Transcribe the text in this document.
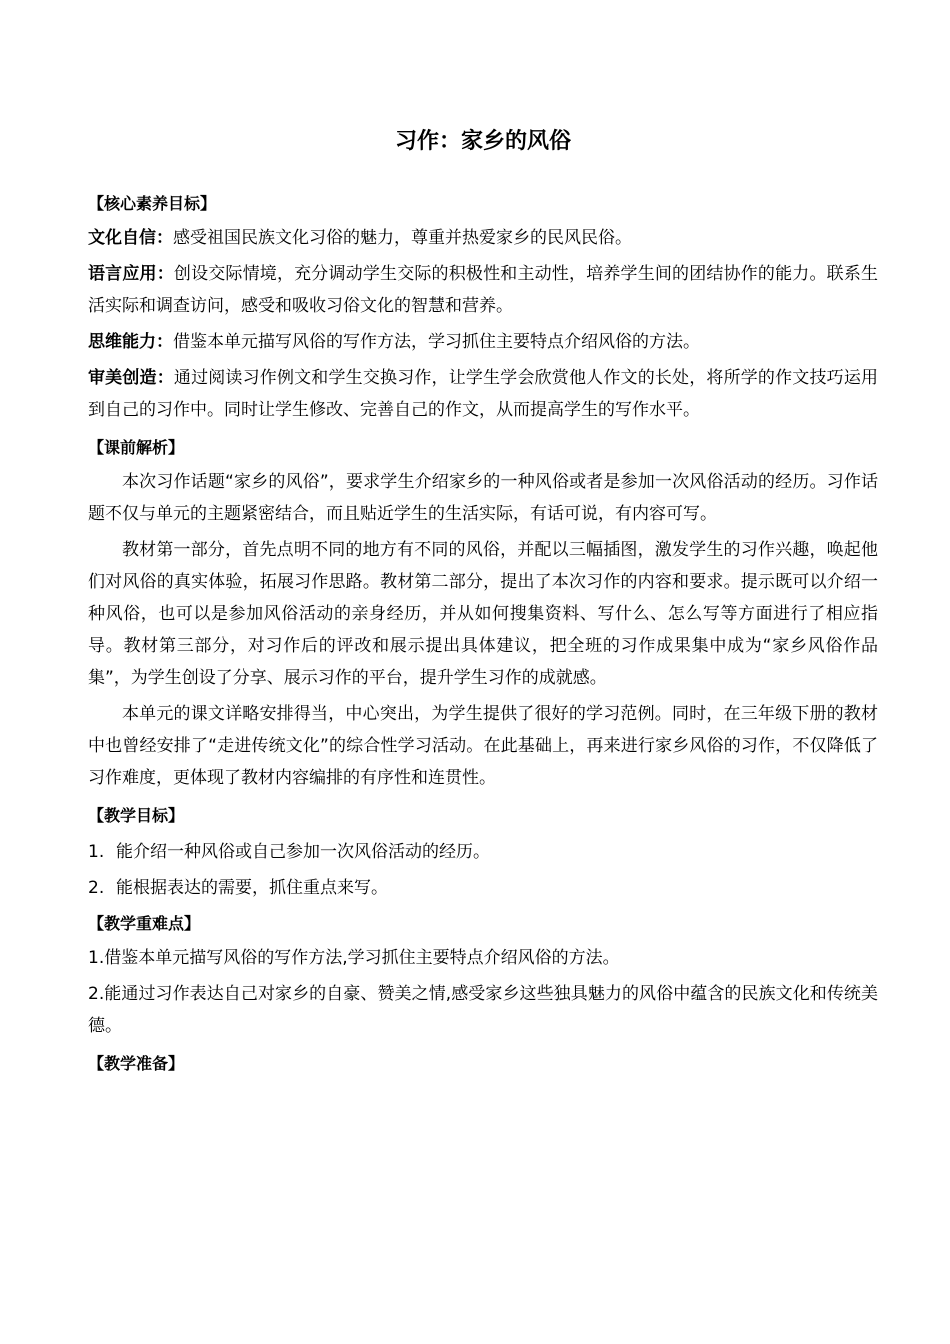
习作：家乡的风俗

【核心素养目标】

文化自信：感受祖国民族文化习俗的魅力，尊重并热爱家乡的民风民俗。

语言应用：创设交际情境，充分调动学生交际的积极性和主动性，培养学生间的团结协作的能力。联系生活实际和调查访问，感受和吸收习俗文化的智慧和营养。

思维能力：借鉴本单元描写风俗的写作方法，学习抓住主要特点介绍风俗的方法。

审美创造：通过阅读习作例文和学生交换习作，让学生学会欣赏他人作文的长处，将所学的作文技巧运用到自己的习作中。同时让学生修改、完善自己的作文，从而提高学生的写作水平。

【课前解析】

本次习作话题“家乡的风俗”，要求学生介绍家乡的一种风俗或者是参加一次风俗活动的经历。习作话题不仅与单元的主题紧密结合，而且贴近学生的生活实际，有话可说，有内容可写。

教材第一部分，首先点明不同的地方有不同的风俗，并配以三幅插图，激发学生的习作兴趣，唤起他们对风俗的真实体验，拓展习作思路。教材第二部分，提出了本次习作的内容和要求。提示既可以介绍一种风俗，也可以是参加风俗活动的亲身经历，并从如何搜集资料、写什么、怎么写等方面进行了相应指导。教材第三部分，对习作后的评改和展示提出具体建议，把全班的习作成果集中成为“家乡风俗作品集”，为学生创设了分享、展示习作的平台，提升学生习作的成就感。

本单元的课文详略安排得当，中心突出，为学生提供了很好的学习范例。同时，在三年级下册的教材中也曾经安排了“走进传统文化”的综合性学习活动。在此基础上，再来进行家乡风俗的习作，不仅降低了习作难度，更体现了教材内容编排的有序性和连贯性。

【教学目标】

1. 能介绍一种风俗或自己参加一次风俗活动的经历。

2. 能根据表达的需要，抓住重点来写。

【教学重难点】

1.借鉴本单元描写风俗的写作方法,学习抓住主要特点介绍风俗的方法。

2.能通过习作表达自己对家乡的自豪、赞美之情,感受家乡这些独具魅力的风俗中蕴含的民族文化和传统美德。

【教学准备】
